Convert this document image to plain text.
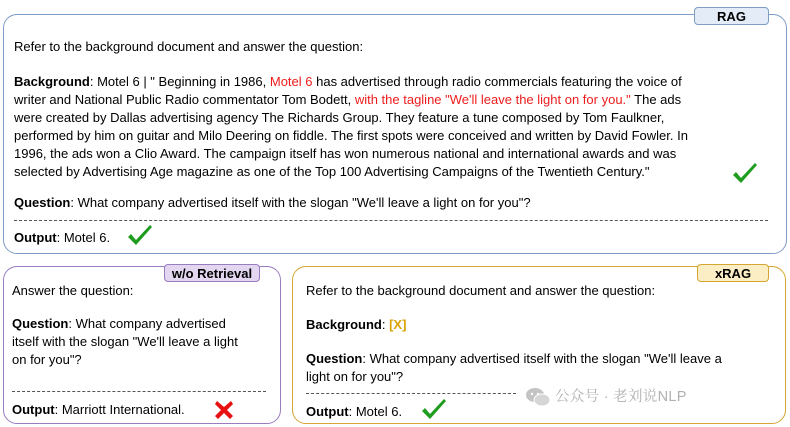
RAG

Refer to the background document and answer the question:

Background: Motel 6 | " Beginning in 1986, Motel 6 has advertised through radio commercials featuring the voice of
writer and National Public Radio commentator Tom Bodett, with the tagline "We'll leave the light on for you." The ads
were created by Dallas advertising agency The Richards Group. They feature a tune composed by Tom Faulkner,
performed by him on guitar and Milo Deering on fiddle. The first spots were conceived and written by David Fowler. In
1996, the ads won a Clio Award. The campaign itself has won numerous national and international awards and was
selected by Advertising Age magazine as one of the Top 100 Advertising Campaigns of the Twentieth Century."

Question: What company advertised itself with the slogan "We'll leave a light on for you"?

Output: Motel 6.

w/o Retrieval

Answer the question:

Question: What company advertised
itself with the slogan "We'll leave a light
on for you"?

Output: Marriott International.

xRAG

Refer to the background document and answer the question:

Background: [X]

Question: What company advertised itself with the slogan "We'll leave a
light on for you"?

Output: Motel 6.

公众号 · 老刘说NLP
